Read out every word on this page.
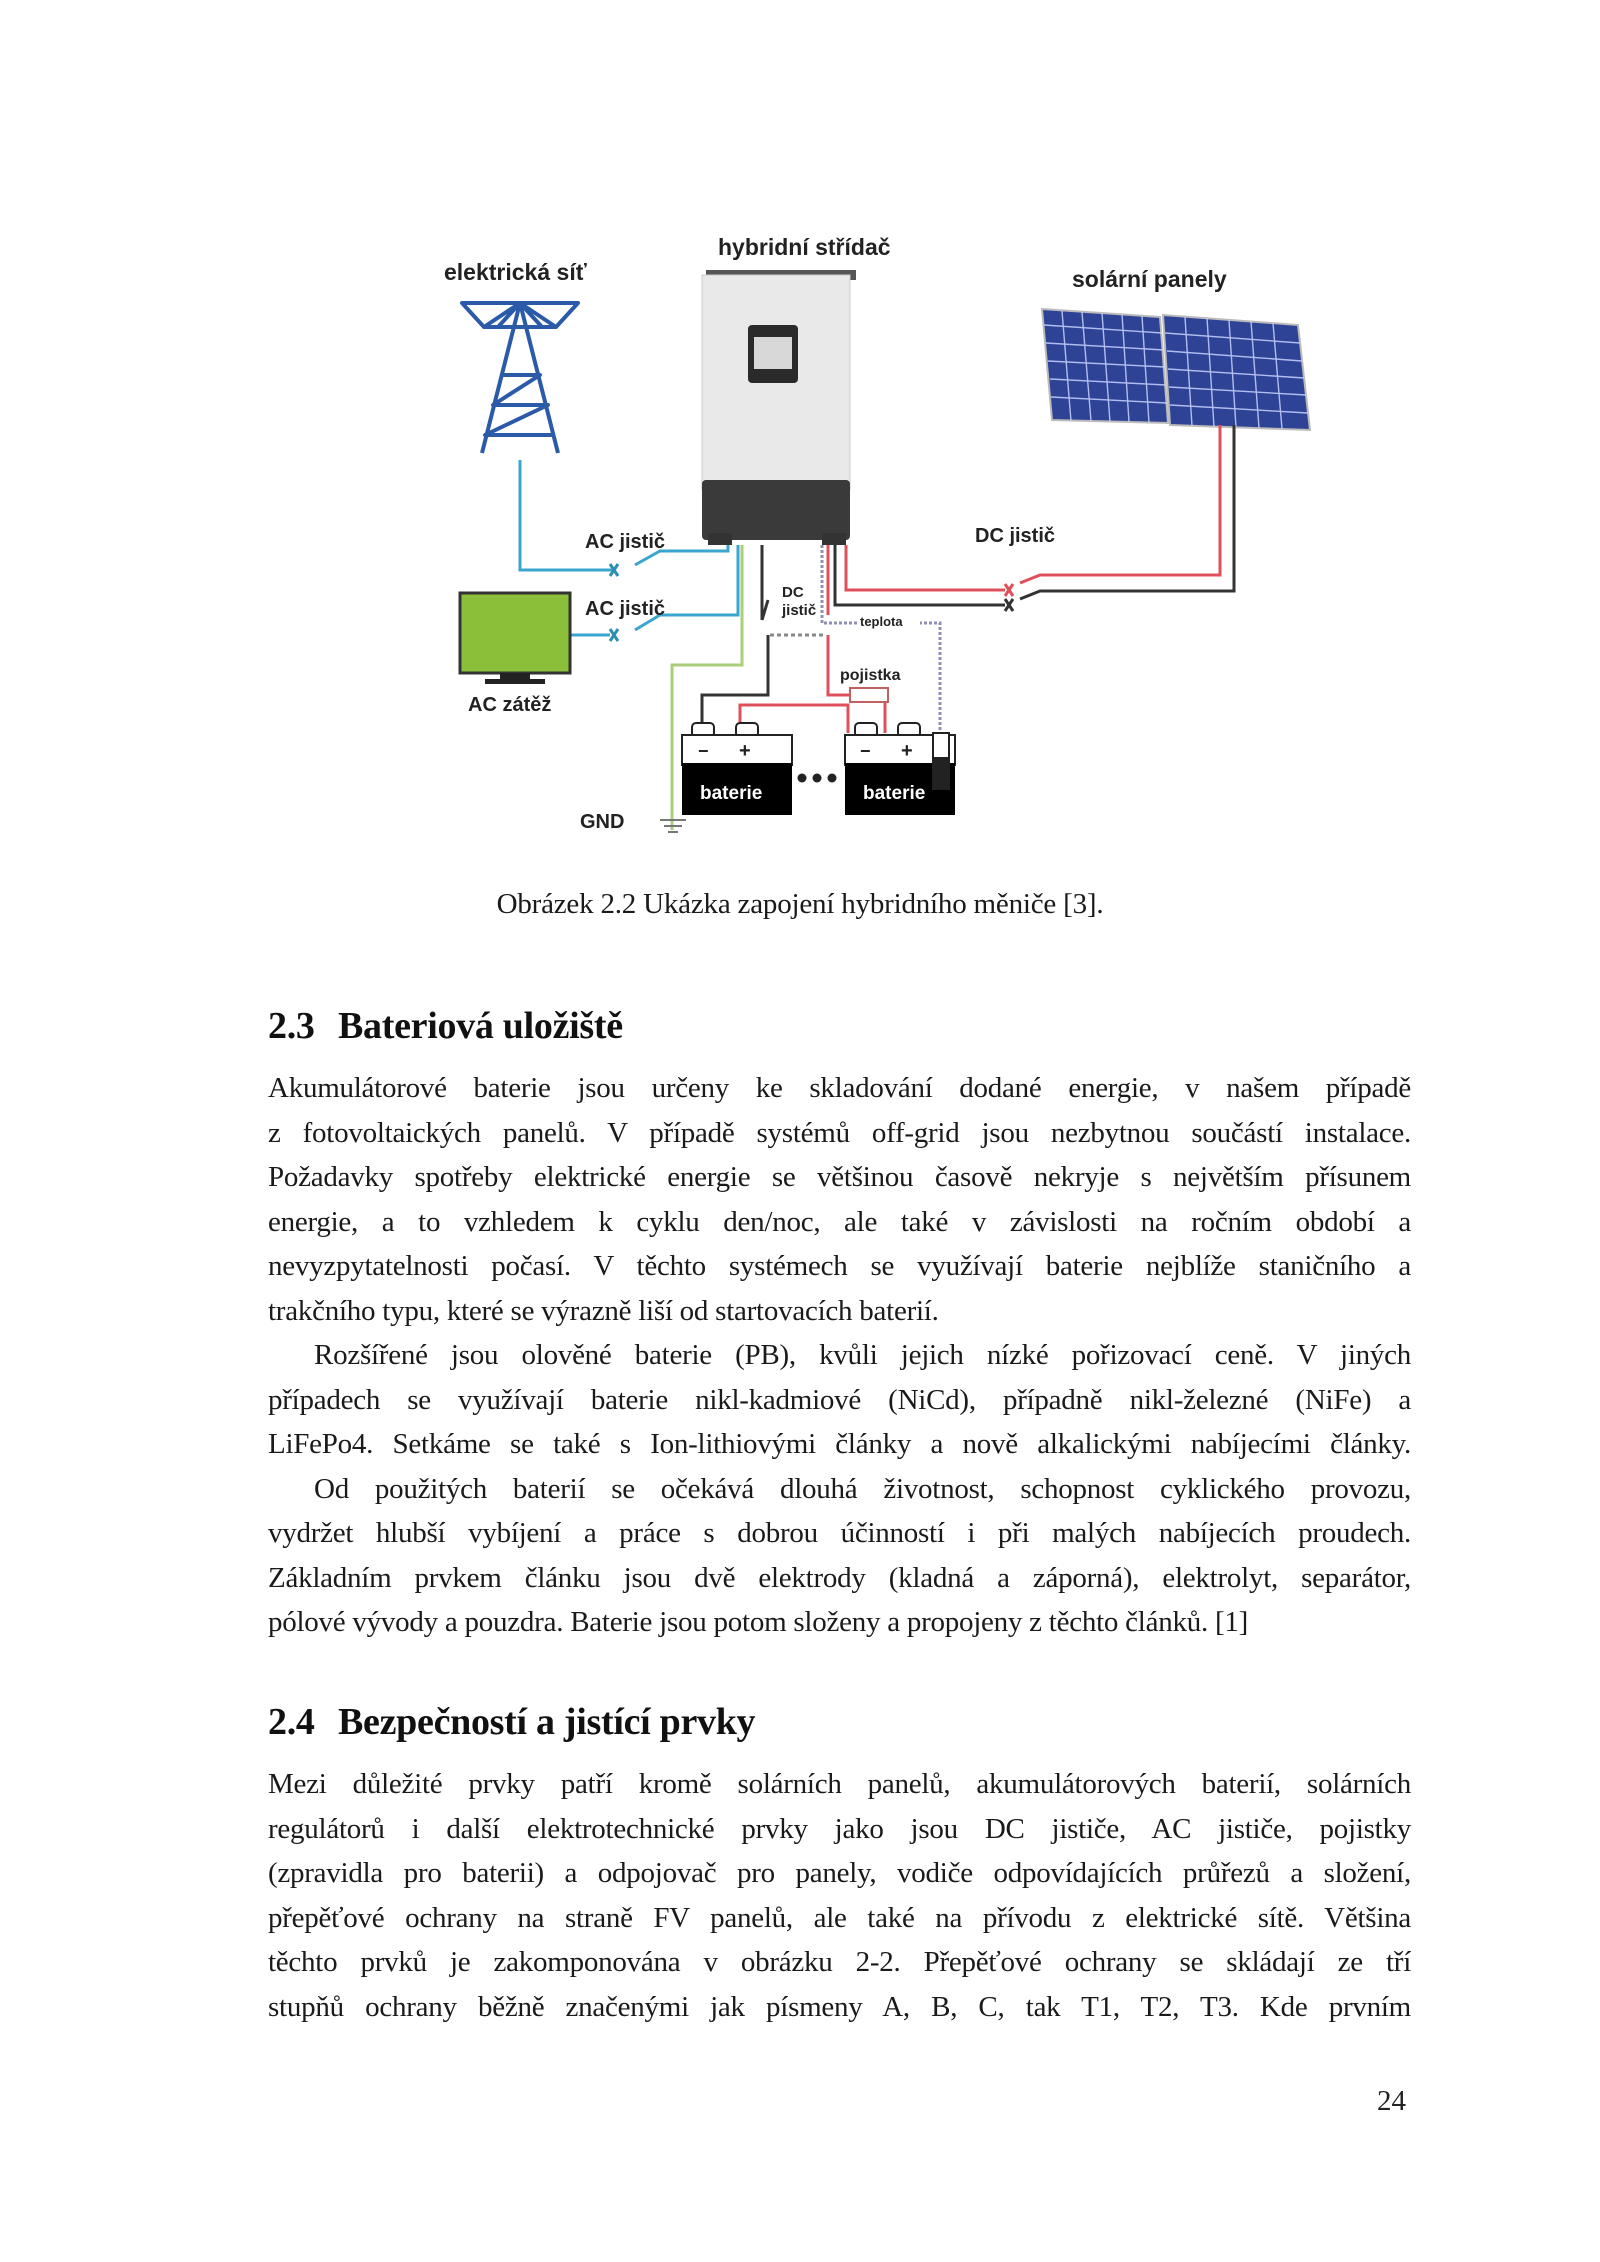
elektrická síť
hybridní střídač
solární panely
AC jistič
AC jistič
DC jistič
DC
jistič
teplota
pojistka
AC zátěž
GND
− +
baterie
− +
baterie
Obrázek 2.2 Ukázka zapojení hybridního měniče [3].
2.3 Bateriová uložiště
Akumulátorové baterie jsou určeny ke skladování dodané energie, v našem případě
z fotovoltaických panelů. V případě systémů off-grid jsou nezbytnou součástí instalace.
Požadavky spotřeby elektrické energie se většinou časově nekryje s největším přísunem
energie, a to vzhledem k cyklu den/noc, ale také v závislosti na ročním období a
nevyzpytatelnosti počasí. V těchto systémech se využívají baterie nejblíže staničního a
trakčního typu, které se výrazně liší od startovacích baterií.
Rozšířené jsou olověné baterie (PB), kvůli jejich nízké pořizovací ceně. V jiných
případech se využívají baterie nikl-kadmiové (NiCd), případně nikl-železné (NiFe) a
LiFePo4. Setkáme se také s Ion-lithiovými články a nově alkalickými nabíjecími články.
Od použitých baterií se očekává dlouhá životnost, schopnost cyklického provozu,
vydržet hlubší vybíjení a práce s dobrou účinností i při malých nabíjecích proudech.
Základním prvkem článku jsou dvě elektrody (kladná a záporná), elektrolyt, separátor,
pólové vývody a pouzdra. Baterie jsou potom složeny a propojeny z těchto článků. [1]
2.4 Bezpečností a jistící prvky
Mezi důležité prvky patří kromě solárních panelů, akumulátorových baterií, solárních
regulátorů i další elektrotechnické prvky jako jsou DC jističe, AC jističe, pojistky
(zpravidla pro baterii) a odpojovač pro panely, vodiče odpovídajících průřezů a složení,
přepěťové ochrany na straně FV panelů, ale také na přívodu z elektrické sítě. Většina
těchto prvků je zakomponována v obrázku 2-2. Přepěťové ochrany se skládají ze tří
stupňů ochrany běžně značenými jak písmeny A, B, C, tak T1, T2, T3. Kde prvním
24
